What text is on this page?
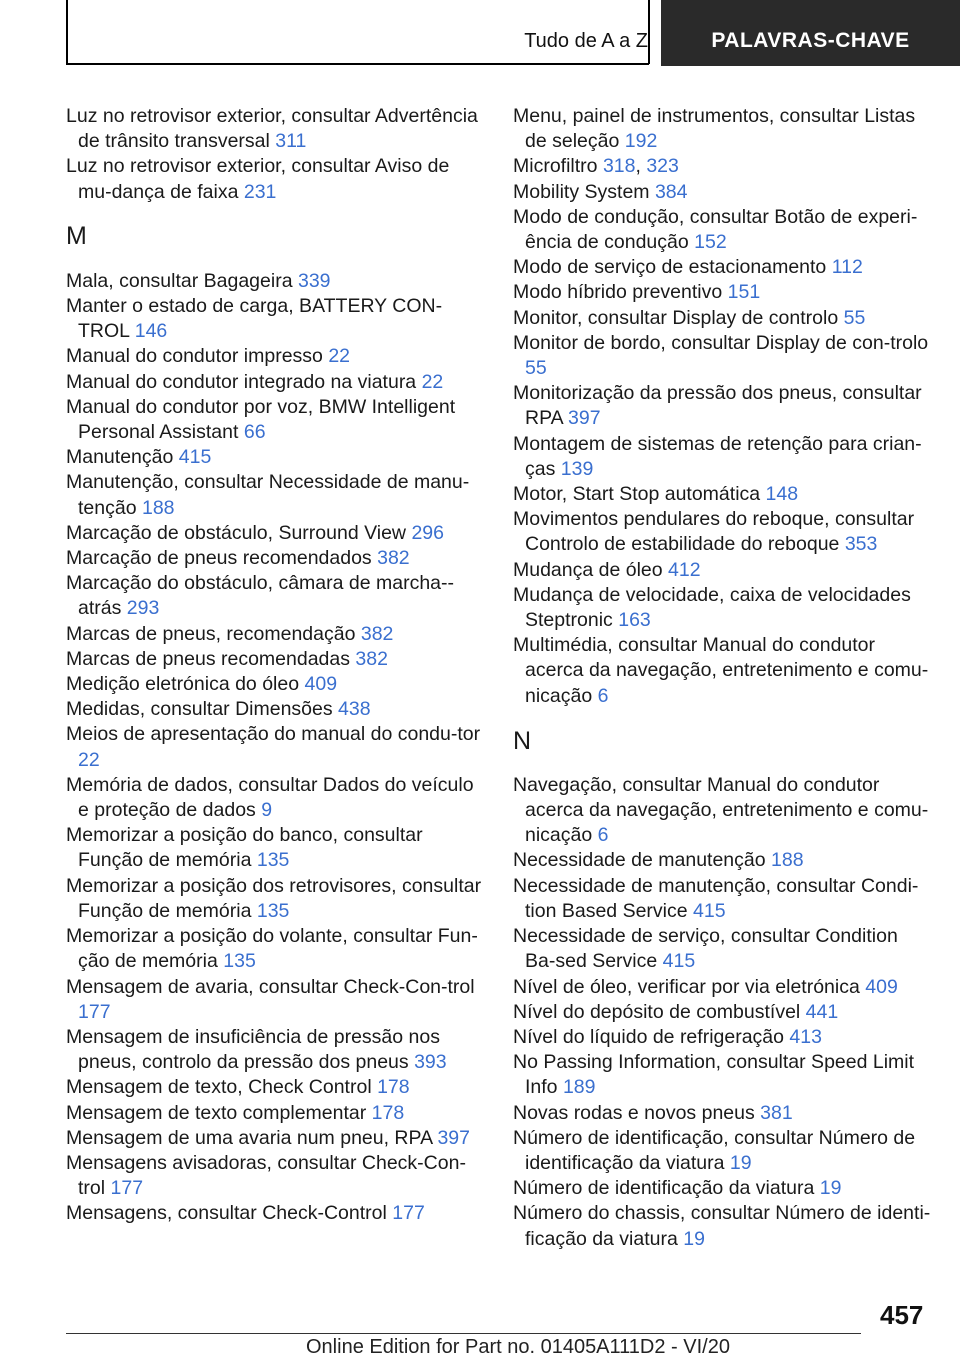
Tudo de A a Z	PALAVRAS-CHAVE
Luz no retrovisor exterior, consultar Advertência de trânsito transversal 311
Luz no retrovisor exterior, consultar Aviso de mu‐dança de faixa 231
M
Mala, consultar Bagageira 339
Manter o estado de carga, BATTERY CON‐TROL 146
Manual do condutor impresso 22
Manual do condutor integrado na viatura 22
Manual do condutor por voz, BMW Intelligent Personal Assistant 66
Manutenção 415
Manutenção, consultar Necessidade de manu‐tenção 188
Marcação de obstáculo, Surround View 296
Marcação de pneus recomendados 382
Marcação do obstáculo, câmara de marcha-‐atrás 293
Marcas de pneus, recomendação 382
Marcas de pneus recomendadas 382
Medição eletrónica do óleo 409
Medidas, consultar Dimensões 438
Meios de apresentação do manual do condu‐tor 22
Memória de dados, consultar Dados do veículo e proteção de dados 9
Memorizar a posição do banco, consultar Função de memória 135
Memorizar a posição dos retrovisores, consultar Função de memória 135
Memorizar a posição do volante, consultar Fun‐ção de memória 135
Mensagem de avaria, consultar Check-Con‐trol 177
Mensagem de insuficiência de pressão nos pneus, controlo da pressão dos pneus 393
Mensagem de texto, Check Control 178
Mensagem de texto complementar 178
Mensagem de uma avaria num pneu, RPA 397
Mensagens avisadoras, consultar Check-Con‐trol 177
Mensagens, consultar Check-Control 177
Menu, painel de instrumentos, consultar Listas de seleção 192
Microfiltro 318, 323
Mobility System 384
Modo de condução, consultar Botão de experi‐ência de condução 152
Modo de serviço de estacionamento 112
Modo híbrido preventivo 151
Monitor, consultar Display de controlo 55
Monitor de bordo, consultar Display de con‐trolo 55
Monitorização da pressão dos pneus, consultar RPA 397
Montagem de sistemas de retenção para crian‐ças 139
Motor, Start Stop automática 148
Movimentos pendulares do reboque, consultar Controlo de estabilidade do reboque 353
Mudança de óleo 412
Mudança de velocidade, caixa de velocidades Steptronic 163
Multimédia, consultar Manual do condutor acerca da navegação, entretenimento e comu‐nicação 6
N
Navegação, consultar Manual do condutor acerca da navegação, entretenimento e comu‐nicação 6
Necessidade de manutenção 188
Necessidade de manutenção, consultar Condi‐tion Based Service 415
Necessidade de serviço, consultar Condition Ba‐sed Service 415
Nível de óleo, verificar por via eletrónica 409
Nível do depósito de combustível 441
Nível do líquido de refrigeração 413
No Passing Information, consultar Speed Limit Info 189
Novas rodas e novos pneus 381
Número de identificação, consultar Número de identificação da viatura 19
Número de identificação da viatura 19
Número do chassis, consultar Número de identi‐ficação da viatura 19
457
Online Edition for Part no. 01405A111D2 - VI/20
